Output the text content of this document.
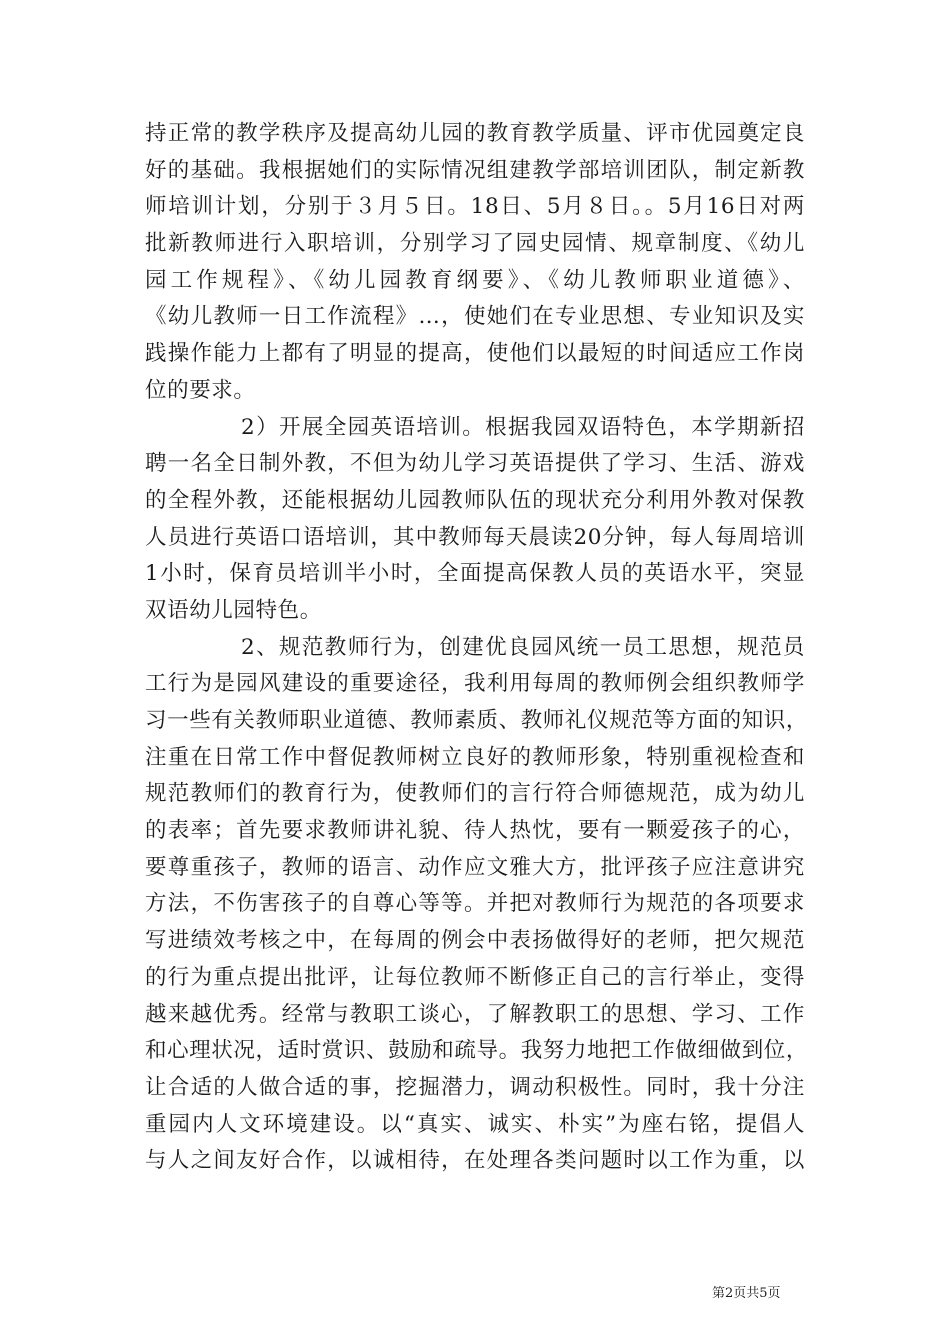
持正常的教学秩序及提高幼儿园的教育教学质量、评市优园奠定良
好的基础。我根据她们的实际情况组建教学部培训团队，制定新教
师培训计划，分别于３月５日。18日、5月８日。。5月16日对两
批新教师进行入职培训，分别学习了园史园情、规章制度、《幼儿
园工作规程》、《幼儿园教育纲要》、《幼儿教师职业道德》、
《幼儿教师一日工作流程》…，使她们在专业思想、专业知识及实
践操作能力上都有了明显的提高，使他们以最短的时间适应工作岗
位的要求。
2）开展全园英语培训。根据我园双语特色，本学期新招
聘一名全日制外教，不但为幼儿学习英语提供了学习、生活、游戏
的全程外教，还能根据幼儿园教师队伍的现状充分利用外教对保教
人员进行英语口语培训，其中教师每天晨读20分钟，每人每周培训
1小时，保育员培训半小时，全面提高保教人员的英语水平，突显
双语幼儿园特色。
2、规范教师行为，创建优良园风统一员工思想，规范员
工行为是园风建设的重要途径，我利用每周的教师例会组织教师学
习一些有关教师职业道德、教师素质、教师礼仪规范等方面的知识，
注重在日常工作中督促教师树立良好的教师形象，特别重视检查和
规范教师们的教育行为，使教师们的言行符合师德规范，成为幼儿
的表率；首先要求教师讲礼貌、待人热忱，要有一颗爱孩子的心，
要尊重孩子，教师的语言、动作应文雅大方，批评孩子应注意讲究
方法，不伤害孩子的自尊心等等。并把对教师行为规范的各项要求
写进绩效考核之中，在每周的例会中表扬做得好的老师，把欠规范
的行为重点提出批评，让每位教师不断修正自己的言行举止，变得
越来越优秀。经常与教职工谈心，了解教职工的思想、学习、工作
和心理状况，适时赏识、鼓励和疏导。我努力地把工作做细做到位，
让合适的人做合适的事，挖掘潜力，调动积极性。同时，我十分注
重园内人文环境建设。以“真实、诚实、朴实”为座右铭，提倡人
与人之间友好合作，以诚相待，在处理各类问题时以工作为重，以
第2页共5页
